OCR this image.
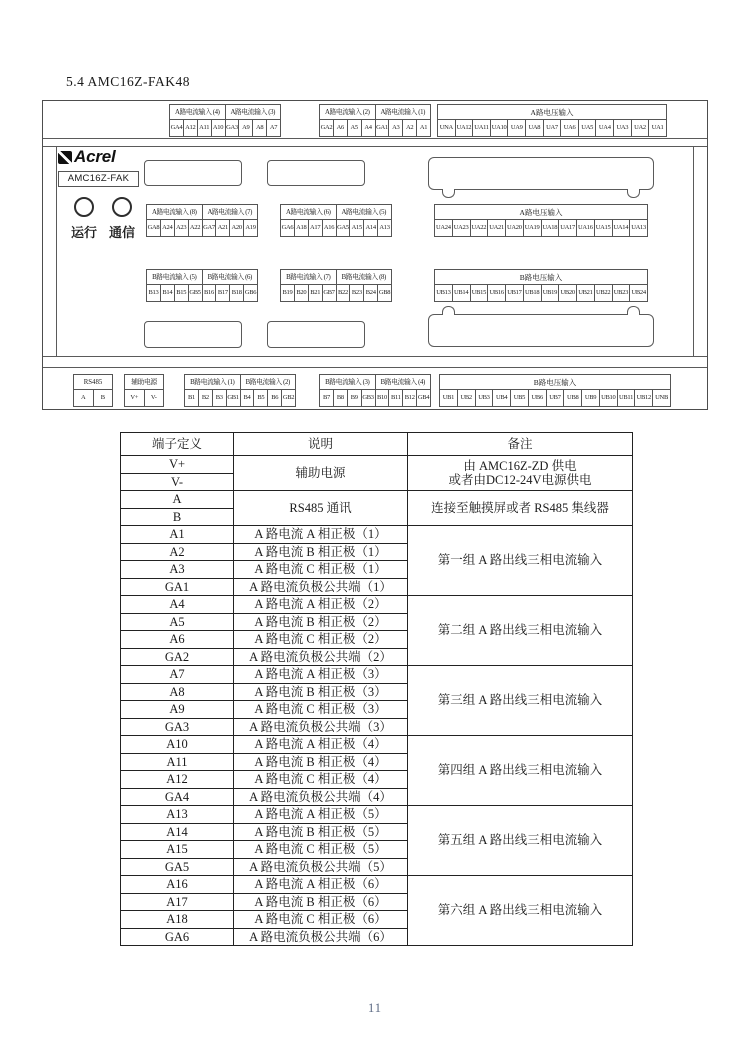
5.4 AMC16Z-FAK48
A路电流输入 (4)	A路电流输入 (3)
GA4 A12 A11 A10 GA3 A9	A8	A7
A路电流输入 (2)	A路电流输入 (1)
GA2 A6	A5	A4 GA1 A3	A2	A1
A路电压输入
UNA UA12 UA11 UA10 UA9 UA8 UA7 UA6 UA5 UA4 UA3 UA2 UA1
Acrel
AMC16Z-FAK
运行 通信
A路电流输入 (8)	A路电流输入 (7)
GA8 A24 A23 A22 GA7 A21 A20 A19
A路电流输入 (6)	A路电流输入 (5)
GA6 A18 A17 A16 GA5 A15 A14 A13
A路电压输入
UA24 UA23 UA22 UA21 UA20 UA19 UA18 UA17 UA16 UA15 UA14 UA13
B路电流输入 (5)	B路电流输入 (6)
B13 B14 B15 GB5 B16 B17 B18 GB6
B路电流输入 (7)	B路电流输入 (8)
B19 B20 B21 GB7 B22 B23 B24 GB8
B路电压输入
UB13 UB14 UB15 UB16 UB17 UB18 UB19 UB20 UB21 UB22 UB23 UB24
RS485
A	B
辅助电源
V+	V-
B路电流输入 (1)	B路电流输入 (2)
B1	B2	B3 GB1 B4	B5	B6 GB2
B路电流输入 (3)	B路电流输入 (4)
B7	B8	B9 GB3 B10 B11 B12 GB4
B路电压输入
UB1 UB2 UB3 UB4 UB5 UB6 UB7 UB8 UB9 UB10 UB11 UB12 UNB
端子定义	说明	备注
V+	辅助电源	由 AMC16Z-ZD 供电
或者由DC12-24V电源供电

V-		
A	RS485 通讯	连接至触摸屏或者 RS485 集线器
B		
A1	A 路电流 A 相正极（1）	第一组 A 路出线三相电流输入
A2	A 路电流 B 相正极（1）	
A3	A 路电流 C 相正极（1）	
GA1	A 路电流负极公共端（1）	
A4	A 路电流 A 相正极（2）	第二组 A 路出线三相电流输入
A5	A 路电流 B 相正极（2）	
A6	A 路电流 C 相正极（2）	
GA2	A 路电流负极公共端（2）	
A7	A 路电流 A 相正极（3）	第三组 A 路出线三相电流输入
A8	A 路电流 B 相正极（3）	
A9	A 路电流 C 相正极（3）	
GA3	A 路电流负极公共端（3）	
A10	A 路电流 A 相正极（4）	第四组 A 路出线三相电流输入
A11	A 路电流 B 相正极（4）	
A12	A 路电流 C 相正极（4）	
GA4	A 路电流负极公共端（4）	
A13	A 路电流 A 相正极（5）	第五组 A 路出线三相电流输入
A14	A 路电流 B 相正极（5）	
A15	A 路电流 C 相正极（5）	
GA5	A 路电流负极公共端（5）	
A16	A 路电流 A 相正极（6）	第六组 A 路出线三相电流输入
A17	A 路电流 B 相正极（6）	
A18	A 路电流 C 相正极（6）	
GA6	A 路电流负极公共端（6）	
11
